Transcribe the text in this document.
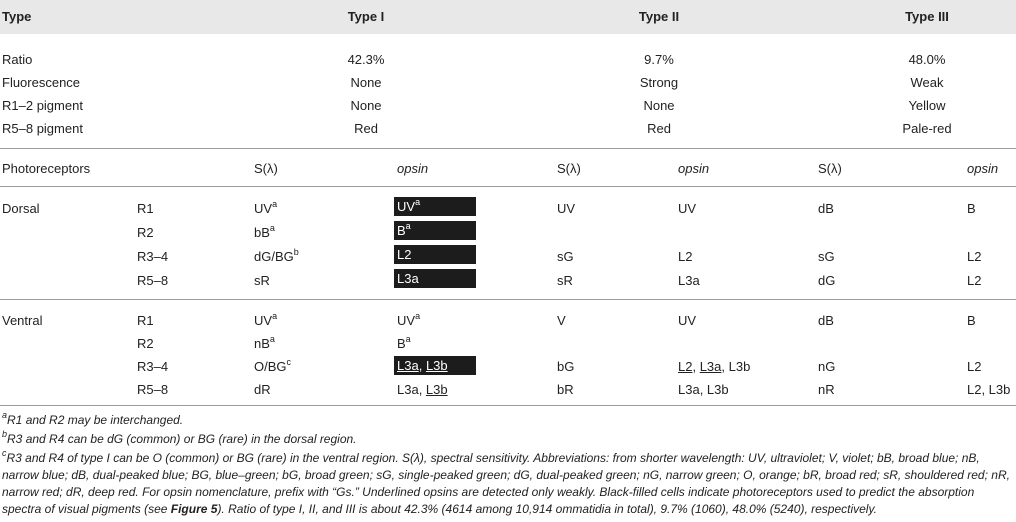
Type	Type I	Type II	Type III
Ratio	42.3%	9.7%	48.0%
Fluorescence	None	Strong	Weak
R1–2 pigment	None	None	Yellow
R5–8 pigment	Red	Red	Pale-red
Photoreceptors	S(λ)	opsin	S(λ)	opsin	S(λ)	opsin
Dorsal	R1	$UV^a$	$UV^a$	UV	UV	dB	B
R2	$bB^a$	$B^a$
R3–4	$dG/BG^b$	L2	sG	L2	sG	L2
R5–8	sR	L3a	sR	L3a	dG	L2
Ventral	R1	$UV^a$	$UV^a$	V	UV	dB	B
R2	$nB^a$	$B^a$
R3–4	$O/BG^c$	L3a, L3b	bG	L2, L3a, L3b	nG	L2
R5–8	dR	L3a, L3b	bR	L3a, L3b	nR	L2, L3b
$^a$R1 and R2 may be interchanged.
$^b$R3 and R4 can be dG (common) or BG (rare) in the dorsal region.
$^c$R3 and R4 of type I can be O (common) or BG (rare) in the ventral region. S(λ), spectral sensitivity. Abbreviations: from shorter wavelength: UV, ultraviolet; V, violet; bB, broad blue; nB, narrow blue; dB, dual-peaked blue; BG, blue–green; bG, broad green; sG, single-peaked green; dG, dual-peaked green; nG, narrow green; O, orange; bR, broad red; sR, shouldered red; nR, narrow red; dR, deep red. For opsin nomenclature, prefix with “Gs.” Underlined opsins are detected only weakly. Black-filled cells indicate photoreceptors used to predict the absorption spectra of visual pigments (see Figure 5). Ratio of type I, II, and III is about 42.3% (4614 among 10,914 ommatidia in total), 9.7% (1060), 48.0% (5240), respectively.
